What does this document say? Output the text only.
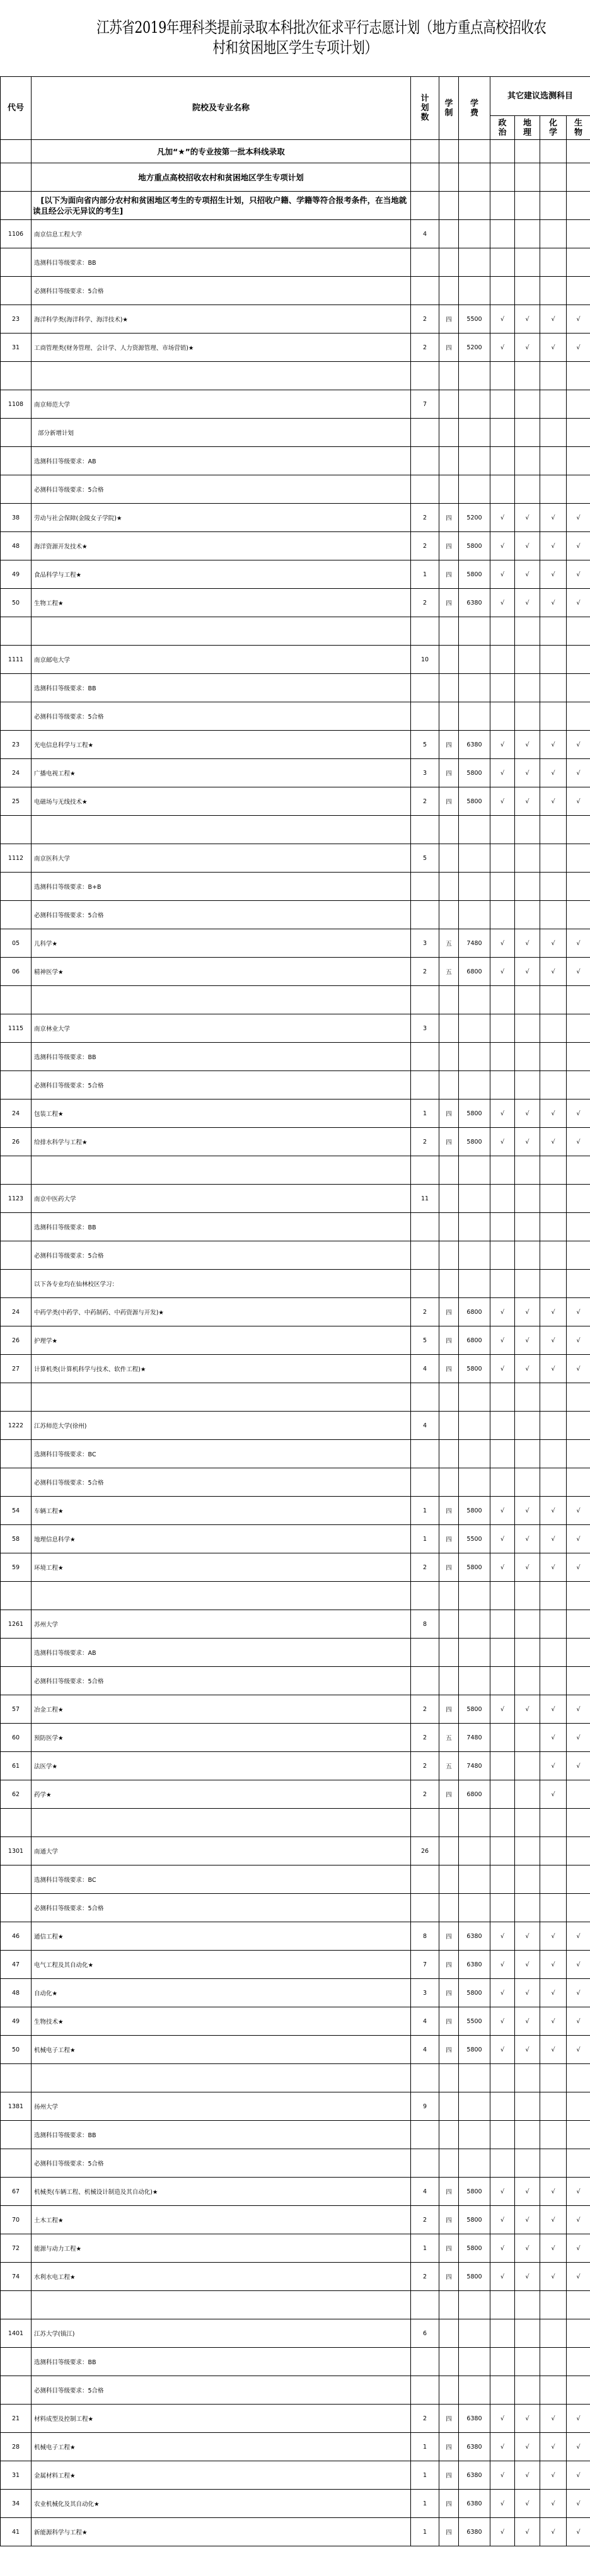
江苏省2019年理科类提前录取本科批次征求平行志愿计划（地方重点高校招收农
村和贫困地区学生专项计划）
代号	院校及专业名称	计划数	学制	学费	其它建议选测科目			

					政治	地理	化学	生物

	凡加“★”的专业按第一批本科线录取							
	地方重点高校招收农村和贫困地区学生专项计划							
	　[以下为面向省内部分农村和贫困地区考生的专项招生计划，只招收户籍、学籍等符合报考条件，在当地就读且经公示无异议的考生]							
1106	南京信息工程大学	4						
	选测科目等级要求：BB							
	必测科目等级要求：5合格							
23	海洋科学类(海洋科学、海洋技术)★	2	四	5500	√	√	√	√
31	工商管理类(财务管理、会计学、人力资源管理、市场营销)★	2	四	5200	√	√	√	√

1108	南京师范大学	7						
	部分新增计划							
	选测科目等级要求：AB							
	必测科目等级要求：5合格							
38	劳动与社会保障(金陵女子学院)★	2	四	5200	√	√	√	√
48	海洋资源开发技术★	2	四	5800	√	√	√	√
49	食品科学与工程★	1	四	5800	√	√	√	√
50	生物工程★	2	四	6380	√	√	√	√

1111	南京邮电大学	10						
	选测科目等级要求：BB							
	必测科目等级要求：5合格							
23	光电信息科学与工程★	5	四	6380	√	√	√	√
24	广播电视工程★	3	四	5800	√	√	√	√
25	电磁场与无线技术★	2	四	5800	√	√	√	√

1112	南京医科大学	5						
	选测科目等级要求：B+B							
	必测科目等级要求：5合格							
05	儿科学★	3	五	7480	√	√	√	√
06	精神医学★	2	五	6800	√	√	√	√

1115	南京林业大学	3						
	选测科目等级要求：BB							
	必测科目等级要求：5合格							
24	包装工程★	1	四	5800	√	√	√	√
26	给排水科学与工程★	2	四	5800	√	√	√	√

1123	南京中医药大学	11						
	选测科目等级要求：BB							
	必测科目等级要求：5合格							
	以下各专业均在仙林校区学习：							
24	中药学类(中药学、中药制药、中药资源与开发)★	2	四	6800	√	√	√	√
26	护理学★	5	四	6800	√	√	√	√
27	计算机类(计算机科学与技术、软件工程)★	4	四	5800	√	√	√	√

1222	江苏师范大学(徐州)	4						
	选测科目等级要求：BC							
	必测科目等级要求：5合格							
54	车辆工程★	1	四	5800	√	√	√	√
58	地理信息科学★	1	四	5500	√	√	√	√
59	环境工程★	2	四	5800	√	√	√	√

1261	苏州大学	8						
	选测科目等级要求：AB							
	必测科目等级要求：5合格							
57	冶金工程★	2	四	5800	√	√	√	√
60	预防医学★	2	五	7480			√	√
61	法医学★	2	五	7480			√	√
62	药学★	2	四	6800			√	

1301	南通大学	26						
	选测科目等级要求：BC							
	必测科目等级要求：5合格							
46	通信工程★	8	四	6380	√	√	√	√
47	电气工程及其自动化★	7	四	6380	√	√	√	√
48	自动化★	3	四	5800	√	√	√	√
49	生物技术★	4	四	5500	√	√	√	√
50	机械电子工程★	4	四	5800	√	√	√	√

1381	扬州大学	9						
	选测科目等级要求：BB							
	必测科目等级要求：5合格							
67	机械类(车辆工程、机械设计制造及其自动化)★	4	四	5800	√	√	√	√
70	土木工程★	2	四	5800	√	√	√	√
72	能源与动力工程★	1	四	5800	√	√	√	√
74	水利水电工程★	2	四	5800	√	√	√	√

1401	江苏大学(镇江)	6						
	选测科目等级要求：BB							
	必测科目等级要求：5合格							
21	材料成型及控制工程★	2	四	6380	√	√	√	√
28	机械电子工程★	1	四	6380	√	√	√	√
31	金属材料工程★	1	四	6380	√	√	√	√
34	农业机械化及其自动化★	1	四	6380	√	√	√	√
41	新能源科学与工程★	1	四	6380	√	√	√	√
